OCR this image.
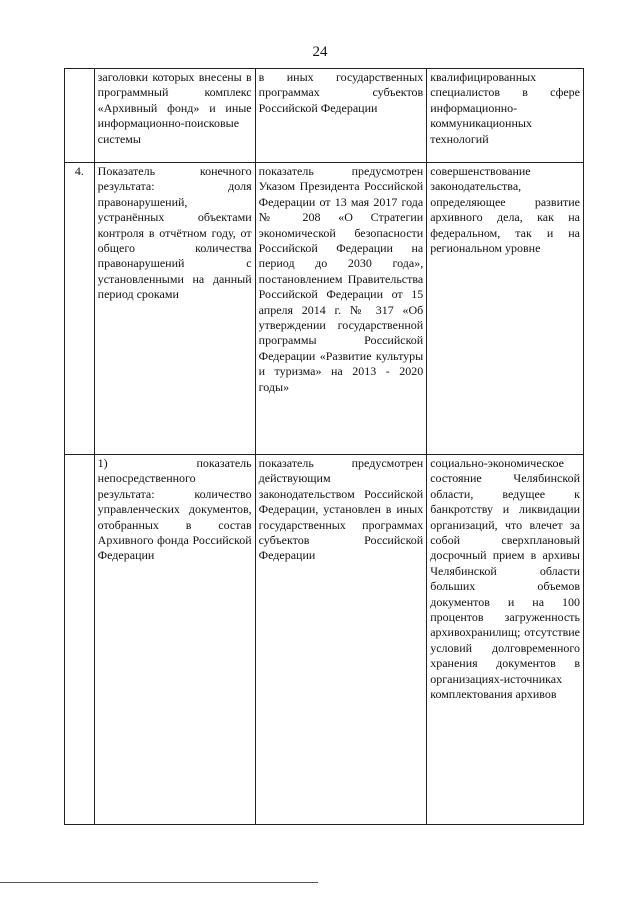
24
	заголовки которых внесены в программный комплекс «Архивный фонд» и иные информационно-поисковые системы	в иных государственных программах субъектов Российской Федерации	квалифицированных специалистов в сфере информационно-коммуникационных технологий
4.	Показатель конечного результата: доля правонарушений, устранённых объектами контроля в отчётном году, от общего количества правонарушений с установленными на данный период сроками	показатель предусмотрен Указом Президента Российской Федерации от 13 мая 2017 года № 208 «О Стратегии экономической безопасности Российской Федерации на период до 2030 года», постановлением Правительства Российской Федерации от 15 апреля 2014 г. № 317 «Об утверждении государственной программы Российской Федерации «Развитие культуры и туризма» на 2013 - 2020 годы»	совершенствование законодательства, определяющее развитие архивного дела, как на федеральном, так и на региональном уровне
	1) показатель непосредственного результата: количество управленческих документов, отобранных в состав Архивного фонда Российской Федерации	показатель предусмотрен действующим законодательством Российской Федерации, установлен в иных государственных программах субъектов Российской Федерации	социально-экономическое состояние Челябинской области, ведущее к банкротству и ликвидации организаций, что влечет за собой сверхплановый досрочный прием в архивы Челябинской области больших объемов документов и на 100 процентов загруженность архивохранилищ; отсутствие условий долговременного хранения документов в организациях-источниках комплектования архивов
